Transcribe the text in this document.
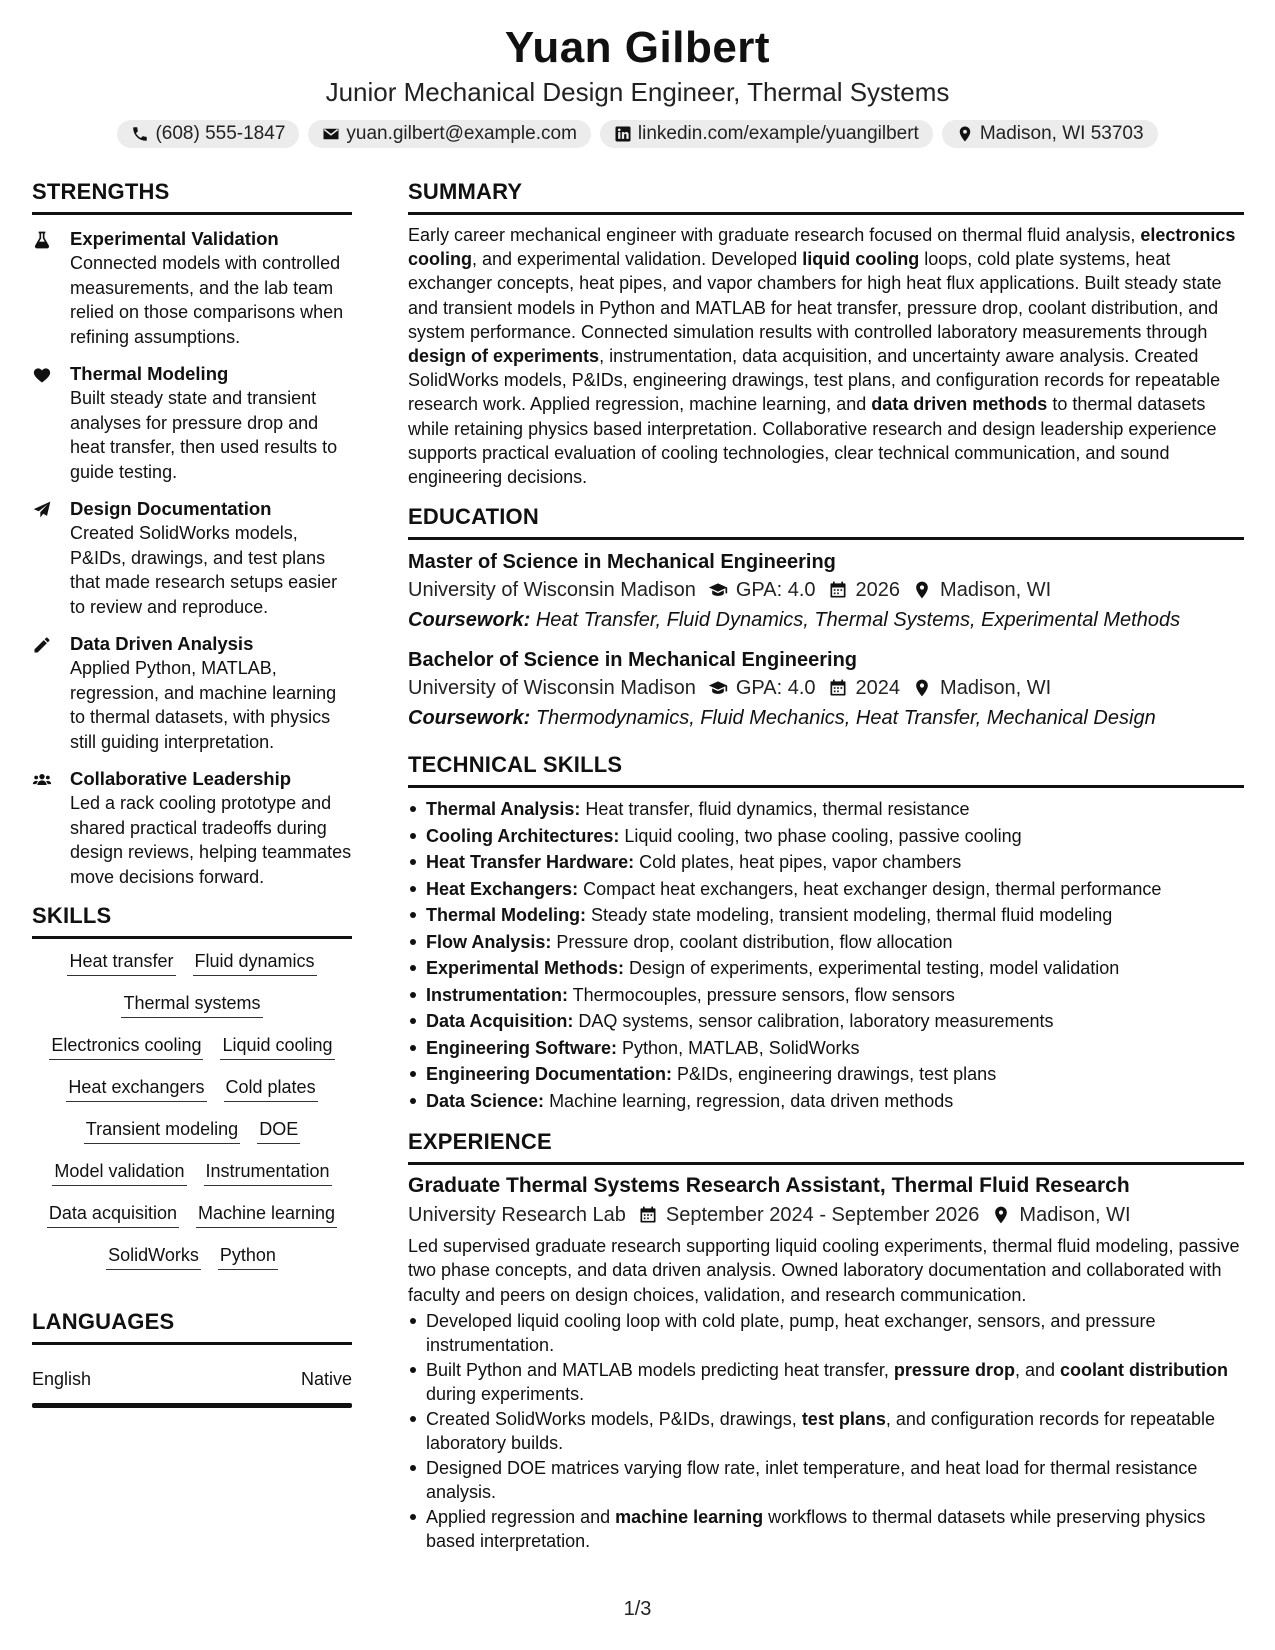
Yuan Gilbert
Junior Mechanical Design Engineer, Thermal Systems
(608) 555-1847	yuan.gilbert@example.com	linkedin.com/example/yuangilbert	Madison, WI 53703
STRENGTHS
Experimental Validation
Connected models with controlled measurements, and the lab team relied on those comparisons when refining assumptions.
Thermal Modeling
Built steady state and transient analyses for pressure drop and heat transfer, then used results to guide testing.
Design Documentation
Created SolidWorks models, P&IDs, drawings, and test plans that made research setups easier to review and reproduce.
Data Driven Analysis
Applied Python, MATLAB, regression, and machine learning to thermal datasets, with physics still guiding interpretation.
Collaborative Leadership
Led a rack cooling prototype and shared practical tradeoffs during design reviews, helping teammates move decisions forward.
SKILLS
Heat transfer Fluid dynamics
Thermal systems
Electronics cooling Liquid cooling
Heat exchangers Cold plates
Transient modeling DOE
Model validation Instrumentation
Data acquisition Machine learning
SolidWorks Python
LANGUAGES
English	Native
SUMMARY
Early career mechanical engineer with graduate research focused on thermal fluid analysis, electronics cooling, and experimental validation. Developed liquid cooling loops, cold plate systems, heat exchanger concepts, heat pipes, and vapor chambers for high heat flux applications. Built steady state and transient models in Python and MATLAB for heat transfer, pressure drop, coolant distribution, and system performance. Connected simulation results with controlled laboratory measurements through design of experiments, instrumentation, data acquisition, and uncertainty aware analysis. Created SolidWorks models, P&IDs, engineering drawings, test plans, and configuration records for repeatable research work. Applied regression, machine learning, and data driven methods to thermal datasets while retaining physics based interpretation. Collaborative research and design leadership experience supports practical evaluation of cooling technologies, clear technical communication, and sound engineering decisions.
EDUCATION
Master of Science in Mechanical Engineering
University of Wisconsin Madison GPA: 4.0 2026 Madison, WI
Coursework: Heat Transfer, Fluid Dynamics, Thermal Systems, Experimental Methods
Bachelor of Science in Mechanical Engineering
University of Wisconsin Madison GPA: 4.0 2024 Madison, WI
Coursework: Thermodynamics, Fluid Mechanics, Heat Transfer, Mechanical Design
TECHNICAL SKILLS
Thermal Analysis: Heat transfer, fluid dynamics, thermal resistance
Cooling Architectures: Liquid cooling, two phase cooling, passive cooling
Heat Transfer Hardware: Cold plates, heat pipes, vapor chambers
Heat Exchangers: Compact heat exchangers, heat exchanger design, thermal performance
Thermal Modeling: Steady state modeling, transient modeling, thermal fluid modeling
Flow Analysis: Pressure drop, coolant distribution, flow allocation
Experimental Methods: Design of experiments, experimental testing, model validation
Instrumentation: Thermocouples, pressure sensors, flow sensors
Data Acquisition: DAQ systems, sensor calibration, laboratory measurements
Engineering Software: Python, MATLAB, SolidWorks
Engineering Documentation: P&IDs, engineering drawings, test plans
Data Science: Machine learning, regression, data driven methods
EXPERIENCE
Graduate Thermal Systems Research Assistant, Thermal Fluid Research
University Research Lab September 2024 - September 2026 Madison, WI
Led supervised graduate research supporting liquid cooling experiments, thermal fluid modeling, passive two phase concepts, and data driven analysis. Owned laboratory documentation and collaborated with faculty and peers on design choices, validation, and research communication.
Developed liquid cooling loop with cold plate, pump, heat exchanger, sensors, and pressure instrumentation.
Built Python and MATLAB models predicting heat transfer, pressure drop, and coolant distribution during experiments.
Created SolidWorks models, P&IDs, drawings, test plans, and configuration records for repeatable laboratory builds.
Designed DOE matrices varying flow rate, inlet temperature, and heat load for thermal resistance analysis.
Applied regression and machine learning workflows to thermal datasets while preserving physics based interpretation.
1/3
